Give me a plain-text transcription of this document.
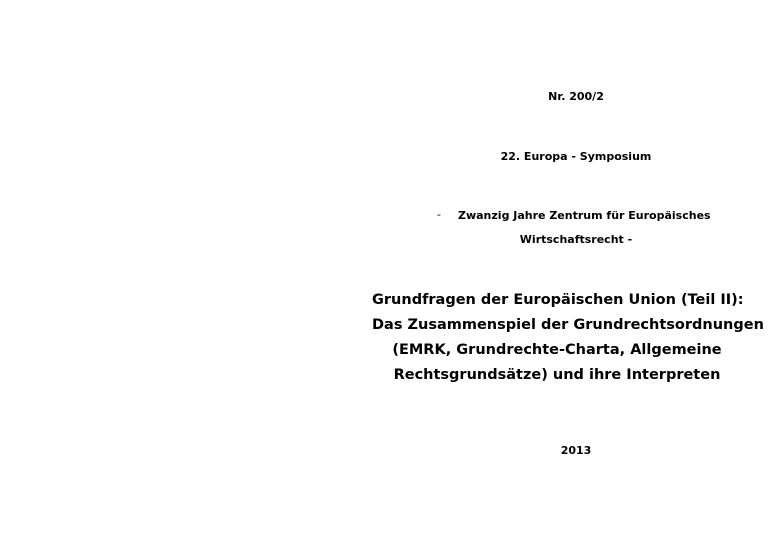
Nr. 200/2
22. Europa - Symposium
- Zwanzig Jahre Zentrum für Europäisches
Wirtschaftsrecht -
Grundfragen der Europäischen Union (Teil II):
Das Zusammenspiel der Grundrechtsordnungen
(EMRK, Grundrechte-Charta, Allgemeine
Rechtsgrundsätze) und ihre Interpreten
2013
